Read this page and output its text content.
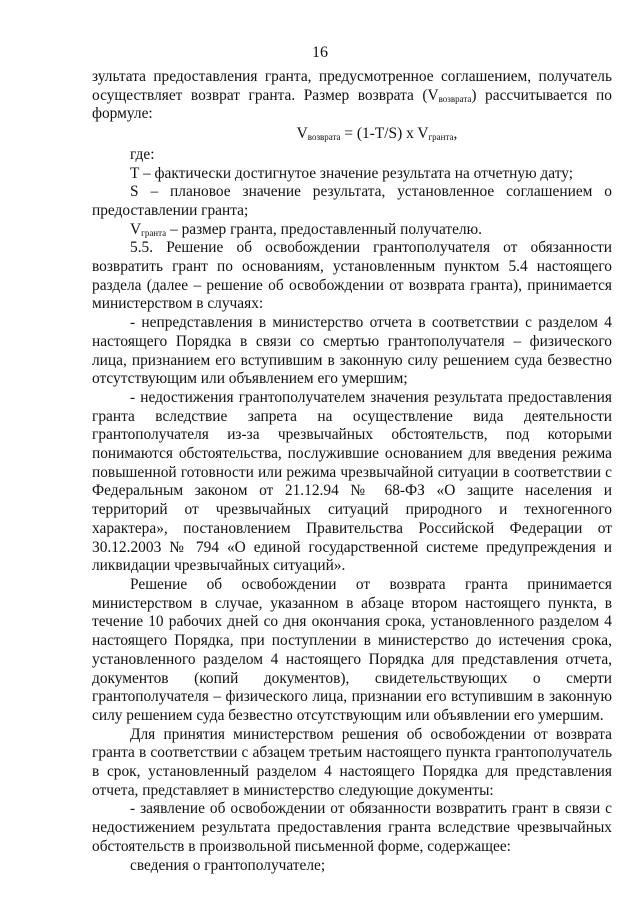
16

зультата предоставления гранта, предусмотренное соглашением, получатель осуществляет возврат гранта. Размер возврата $(V_{возврата})$ рассчитывается по формуле:

$V_{возврата} = (1-T/S)$ x $V_{гранта}$,

где:

T – фактически достигнутое значение результата на отчетную дату;

S – плановое значение результата, установленное соглашением о предоставлении гранта;

$V_{гранта}$ – размер гранта, предоставленный получателю.

5.5. Решение об освобождении грантополучателя от обязанности возвратить грант по основаниям, установленным пунктом 5.4 настоящего раздела (далее – решение об освобождении от возврата гранта), принимается министерством в случаях:

- непредставления в министерство отчета в соответствии с разделом 4 настоящего Порядка в связи со смертью грантополучателя – физического лица, признанием его вступившим в законную силу решением суда безвестно отсутствующим или объявлением его умершим;

- недостижения грантополучателем значения результата предоставления гранта вследствие запрета на осуществление вида деятельности грантополучателя из-за чрезвычайных обстоятельств, под которыми понимаются обстоятельства, послужившие основанием для введения режима повышенной готовности или режима чрезвычайной ситуации в соответствии с Федеральным законом от 21.12.94 № 68-ФЗ «О защите населения и территорий от чрезвычайных ситуаций природного и техногенного характера», постановлением Правительства Российской Федерации от 30.12.2003 № 794 «О единой государственной системе предупреждения и ликвидации чрезвычайных ситуаций».

Решение об освобождении от возврата гранта принимается министерством в случае, указанном в абзаце втором настоящего пункта, в течение 10 рабочих дней со дня окончания срока, установленного разделом 4 настоящего Порядка, при поступлении в министерство до истечения срока, установленного разделом 4 настоящего Порядка для представления отчета, документов (копий документов), свидетельствующих о смерти грантополучателя – физического лица, признании его вступившим в законную силу решением суда безвестно отсутствующим или объявлении его умершим.

Для принятия министерством решения об освобождении от возврата гранта в соответствии с абзацем третьим настоящего пункта грантополучатель в срок, установленный разделом 4 настоящего Порядка для представления отчета, представляет в министерство следующие документы:

- заявление об освобождении от обязанности возвратить грант в связи с недостижением результата предоставления гранта вследствие чрезвычайных обстоятельств в произвольной письменной форме, содержащее:

сведения о грантополучателе;
